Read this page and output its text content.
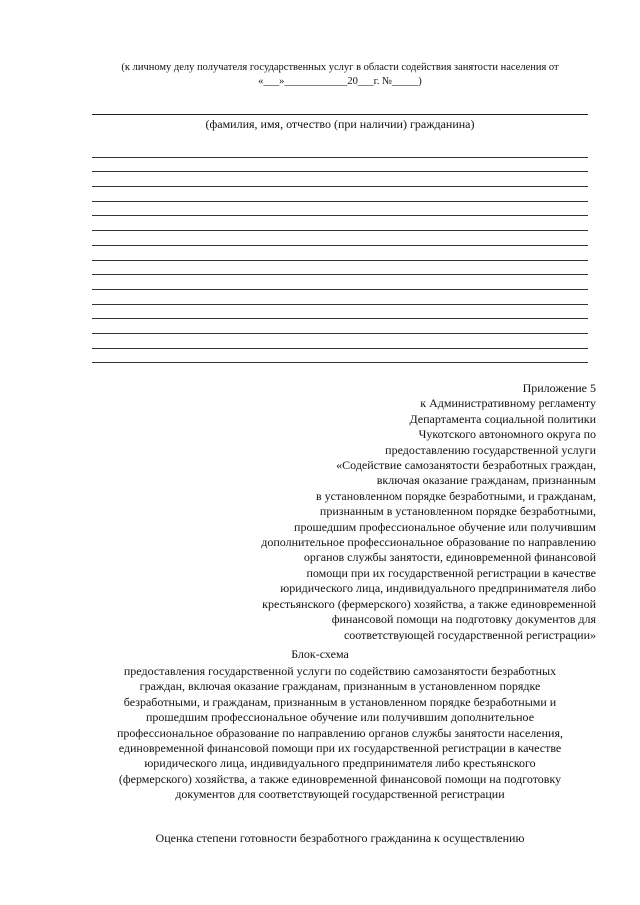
(к личному делу получателя государственных услуг в области содействия занятости населения от
«___»____________20___г. №_____)
(фамилия, имя, отчество (при наличии) гражданина)
Приложение 5
к Административному регламенту
Департамента социальной политики
Чукотского автономного округа по
предоставлению государственной услуги
«Содействие самозанятости безработных граждан,
включая оказание гражданам, признанным
в установленном порядке безработными, и гражданам,
признанным в установленном порядке безработными,
прошедшим профессиональное обучение или получившим
дополнительное профессиональное образование по направлению
органов службы занятости, единовременной финансовой
помощи при их государственной регистрации в качестве
юридического лица, индивидуального предпринимателя либо
крестьянского (фермерского) хозяйства, а также единовременной
финансовой помощи на подготовку документов для
соответствующей государственной регистрации»
Блок-схема
предоставления государственной услуги по содействию самозанятости безработных
граждан, включая оказание гражданам, признанным в установленном порядке
безработными, и гражданам, признанным в установленном порядке безработными и
прошедшим профессиональное обучение или получившим дополнительное
профессиональное образование по направлению органов службы занятости населения,
единовременной финансовой помощи при их государственной регистрации в качестве
юридического лица, индивидуального предпринимателя либо крестьянского
(фермерского) хозяйства, а также единовременной финансовой помощи на подготовку
документов для соответствующей государственной регистрации
Оценка степени готовности безработного гражданина к осуществлению
